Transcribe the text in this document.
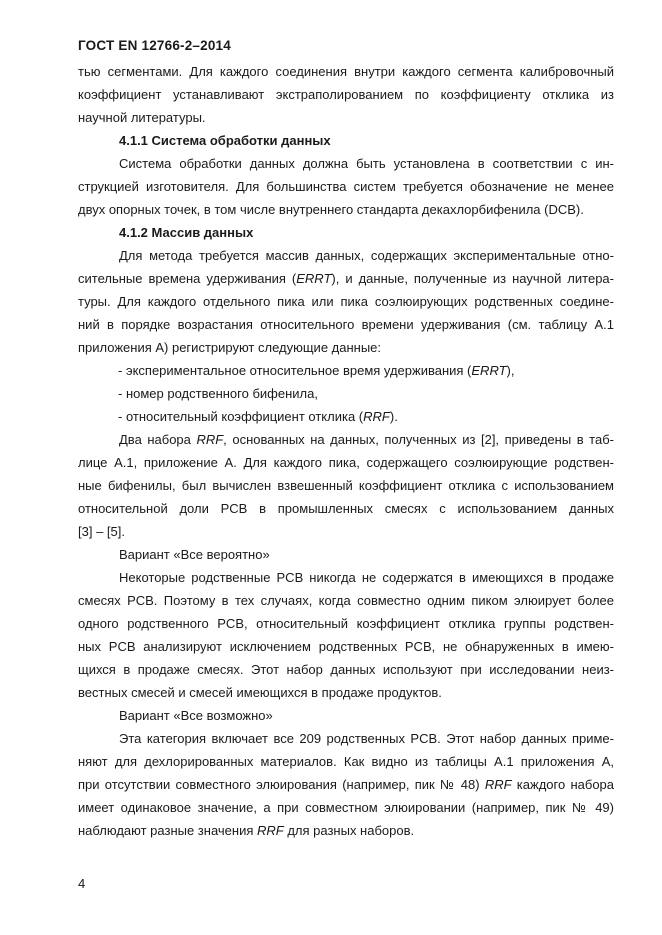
ГОСТ EN 12766-2–2014
тью сегментами. Для каждого соединения внутри каждого сегмента калибровочный
коэффициент устанавливают экстраполированием по коэффициенту отклика из
научной литературы.
4.1.1 Система обработки данных
Система обработки данных должна быть установлена в соответствии с ин-
струкцией изготовителя. Для большинства систем требуется обозначение не менее
двух опорных точек, в том числе внутреннего стандарта декахлорбифенила (DCB).
4.1.2 Массив данных
Для метода требуется массив данных, содержащих экспериментальные отно-
сительные времена удерживания (ERRT), и данные, полученные из научной литера-
туры. Для каждого отдельного пика или пика соэлюирующих родственных соедине-
ний в порядке возрастания относительного времени удерживания (см. таблицу А.1
приложения А) регистрируют следующие данные:
- экспериментальное относительное время удерживания (ERRT),
- номер родственного бифенила,
- относительный коэффициент отклика (RRF).
Два набора RRF, основанных на данных, полученных из [2], приведены в таб-
лице А.1, приложение А. Для каждого пика, содержащего соэлюирующие родствен-
ные бифенилы, был вычислен взвешенный коэффициент отклика с использованием
относительной доли PCB в промышленных смесях с использованием данных
[3] – [5].
Вариант «Все вероятно»
Некоторые родственные PCB никогда не содержатся в имеющихся в продаже
смесях PCB. Поэтому в тех случаях, когда совместно одним пиком элюирует более
одного родственного PCB, относительный коэффициент отклика группы родствен-
ных PCB анализируют исключением родственных PCB, не обнаруженных в имею-
щихся в продаже смесях. Этот набор данных используют при исследовании неиз-
вестных смесей и смесей имеющихся в продаже продуктов.
Вариант «Все возможно»
Эта категория включает все 209 родственных PCB. Этот набор данных приме-
няют для дехлорированных материалов. Как видно из таблицы А.1 приложения А,
при отсутствии совместного элюирования (например, пик № 48) RRF каждого набора
имеет одинаковое значение, а при совместном элюировании (например, пик № 49)
наблюдают разные значения RRF для разных наборов.
4
